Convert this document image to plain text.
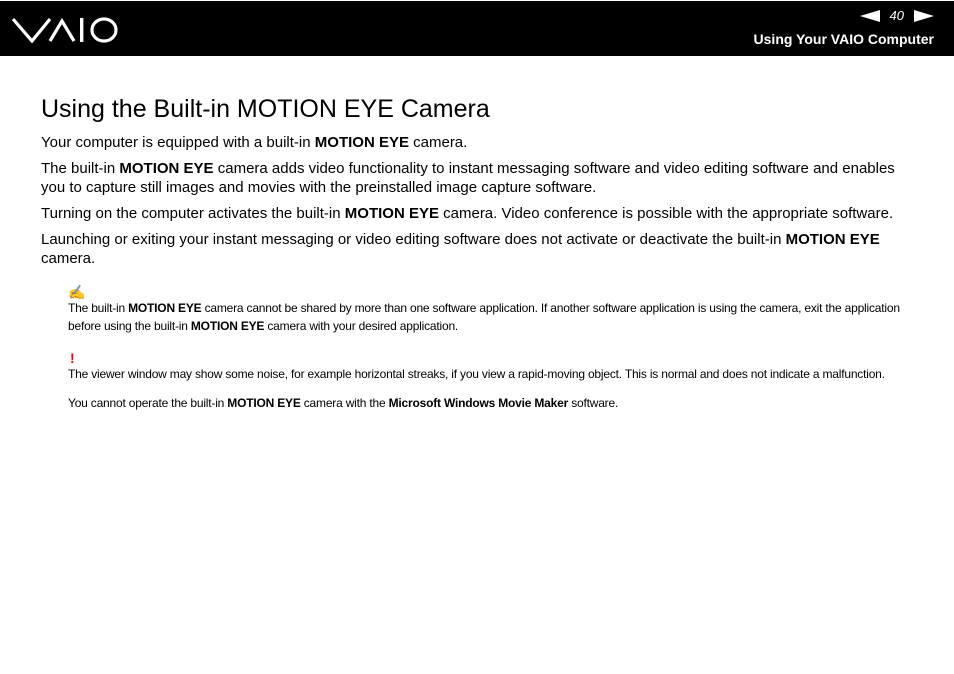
40
Using Your VAIO Computer
Using the Built-in MOTION EYE Camera

Your computer is equipped with a built-in MOTION EYE camera.

The built-in MOTION EYE camera adds video functionality to instant messaging software and video editing software and enables you to capture still images and movies with the preinstalled image capture software.

Turning on the computer activates the built-in MOTION EYE camera. Video conference is possible with the appropriate software.

Launching or exiting your instant messaging or video editing software does not activate or deactivate the built-in MOTION EYE camera.

✍

The built-in MOTION EYE camera cannot be shared by more than one software application. If another software application is using the camera, exit the application before using the built-in MOTION EYE camera with your desired application.

!

The viewer window may show some noise, for example horizontal streaks, if you view a rapid-moving object. This is normal and does not indicate a malfunction.

You cannot operate the built-in MOTION EYE camera with the Microsoft Windows Movie Maker software.
